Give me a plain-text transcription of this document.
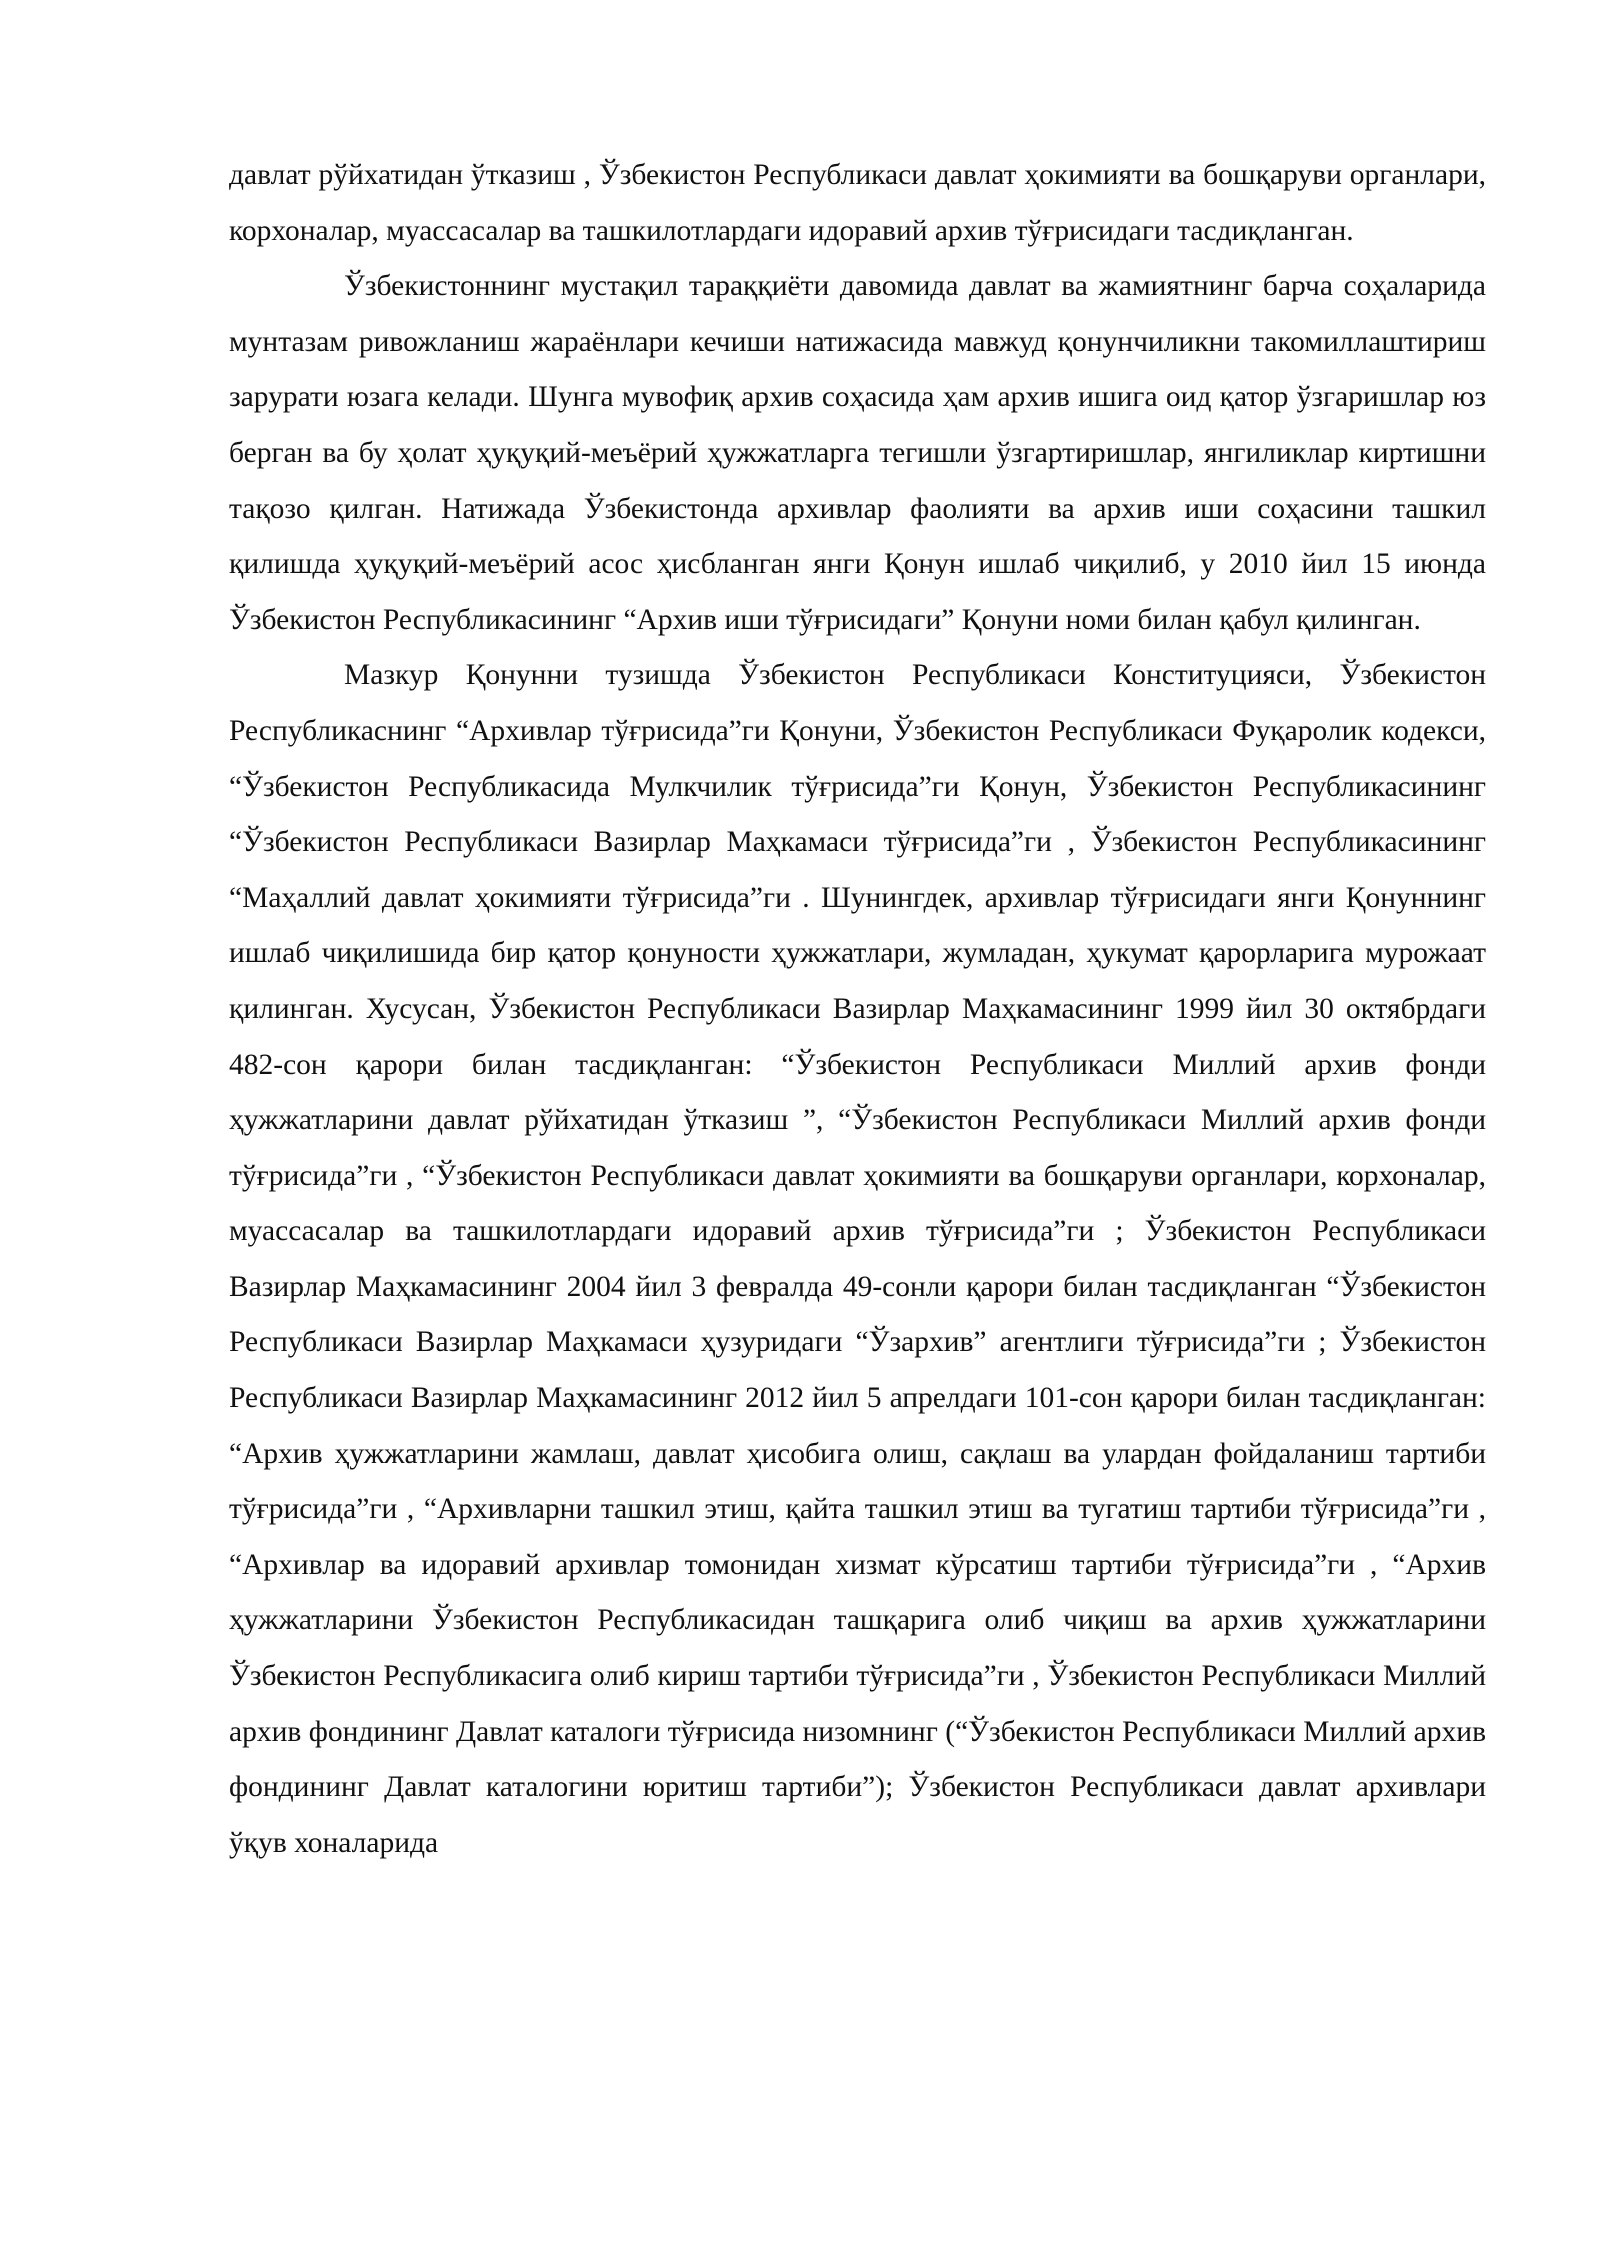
давлат рўйхатидан ўтказиш , Ўзбекистон Республикаси давлат ҳокимияти ва бошқаруви органлари, корхоналар, муассасалар ва ташкилотлардаги идоравий архив тўғрисидаги тасдиқланган.

Ўзбекистоннинг мустақил тараққиёти давомида давлат ва жамиятнинг барча соҳаларида мунтазам ривожланиш жараёнлари кечиши натижасида мавжуд қонунчиликни такомиллаштириш зарурати юзага келади. Шунга мувофиқ архив соҳасида ҳам архив ишига оид қатор ўзгаришлар юз берган ва бу ҳолат ҳуқуқий-меъёрий ҳужжатларга тегишли ўзгартиришлар, янгиликлар киртишни тақозо қилган. Натижада Ўзбекистонда архивлар фаолияти ва архив иши соҳасини ташкил қилишда ҳуқуқий-меъёрий асос ҳисбланган янги Қонун ишлаб чиқилиб, у 2010 йил 15 июнда Ўзбекистон Республикасининг “Архив иши тўғрисидаги” Қонуни номи билан қабул қилинган.

Мазкур Қонунни тузишда Ўзбекистон Республикаси Конституцияси, Ўзбекистон Республикаснинг “Архивлар тўғрисида”ги Қонуни, Ўзбекистон Республикаси Фуқаролик кодекси, “Ўзбекистон Республикасида Мулкчилик тўғрисида”ги Қонун, Ўзбекистон Республикасининг “Ўзбекистон Республикаси Вазирлар Маҳкамаси тўғрисида”ги , Ўзбекистон Республикасининг “Маҳаллий давлат ҳокимияти тўғрисида”ги . Шунингдек, архивлар тўғрисидаги янги Қонуннинг ишлаб чиқилишида бир қатор қонуности ҳужжатлари, жумладан, ҳукумат қарорларига мурожаат қилинган. Хусусан, Ўзбекистон Республикаси Вазирлар Маҳкамасининг 1999 йил 30 октябрдаги 482-сон қарори билан тасдиқланган: “Ўзбекистон Республикаси Миллий архив фонди ҳужжатларини давлат рўйхатидан ўтказиш ”, “Ўзбекистон Республикаси Миллий архив фонди тўғрисида”ги , “Ўзбекистон Республикаси давлат ҳокимияти ва бошқаруви органлари, корхоналар, муассасалар ва ташкилотлардаги идоравий архив тўғрисида”ги ; Ўзбекистон Республикаси Вазирлар Маҳкамасининг 2004 йил 3 февралда 49-сонли қарори билан тасдиқланган “Ўзбекистон Республикаси Вазирлар Маҳкамаси ҳузуридаги “Ўзархив” агентлиги тўғрисида”ги ; Ўзбекистон Республикаси Вазирлар Маҳкамасининг 2012 йил 5 апрелдаги 101-сон қарори билан тасдиқланган: “Архив ҳужжатларини жамлаш, давлат ҳисобига олиш, сақлаш ва улардан фойдаланиш тартиби тўғрисида”ги , “Архивларни ташкил этиш, қайта ташкил этиш ва тугатиш тартиби тўғрисида”ги , “Архивлар ва идоравий архивлар томонидан хизмат кўрсатиш тартиби тўғрисида”ги , “Архив ҳужжатларини Ўзбекистон Республикасидан ташқарига олиб чиқиш ва архив ҳужжатларини Ўзбекистон Республикасига олиб кириш тартиби тўғрисида”ги , Ўзбекистон Республикаси Миллий архив фондининг Давлат каталоги тўғрисида низомнинг (“Ўзбекистон Республикаси Миллий архив фондининг Давлат каталогини юритиш тартиби”); Ўзбекистон Республикаси давлат архивлари ўқув хоналарида
